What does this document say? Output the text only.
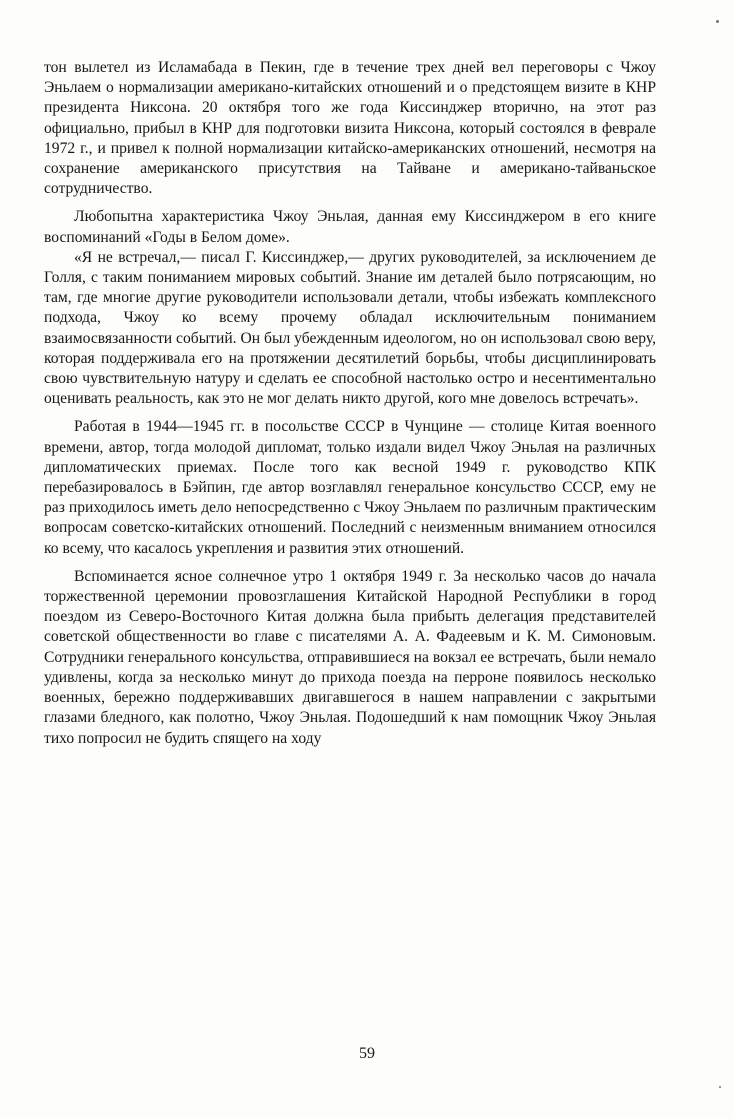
тон вылетел из Исламабада в Пекин, где в течение трех дней вел переговоры с Чжоу Эньлаем о нормализации американо-китайских отношений и о предстоящем визите в КНР президента Никсона. 20 октября того же года Киссинджер вторично, на этот раз официально, прибыл в КНР для подготовки визита Никсона, который состоялся в феврале 1972 г., и привел к полной нормализации китайско-американских отношений, несмотря на сохранение американского присутствия на Тайване и американо-тайваньское сотрудничество.

Любопытна характеристика Чжоу Эньлая, данная ему Киссинджером в его книге воспоминаний «Годы в Белом доме».

«Я не встречал,— писал Г. Киссинджер,— других руководителей, за исключением де Голля, с таким пониманием мировых событий. Знание им деталей было потрясающим, но там, где многие другие руководители использовали детали, чтобы избежать комплексного подхода, Чжоу ко всему прочему обладал исключительным пониманием взаимосвязанности событий. Он был убежденным идеологом, но он использовал свою веру, которая поддерживала его на протяжении десятилетий борьбы, чтобы дисциплинировать свою чувствительную натуру и сделать ее способной настолько остро и несентиментально оценивать реальность, как это не мог делать никто другой, кого мне довелось встречать».

Работая в 1944—1945 гг. в посольстве СССР в Чунцине — столице Китая военного времени, автор, тогда молодой дипломат, только издали видел Чжоу Эньлая на различных дипломатических приемах. После того как весной 1949 г. руководство КПК перебазировалось в Бэйпин, где автор возглавлял генеральное консульство СССР, ему не раз приходилось иметь дело непосредственно с Чжоу Эньлаем по различным практическим вопросам советско-китайских отношений. Последний с неизменным вниманием относился ко всему, что касалось укрепления и развития этих отношений.

Вспоминается ясное солнечное утро 1 октября 1949 г. За несколько часов до начала торжественной церемонии провозглашения Китайской Народной Республики в город поездом из Северо-Восточного Китая должна была прибыть делегация представителей советской общественности во главе с писателями А. А. Фадеевым и К. М. Симоновым. Сотрудники генерального консульства, отправившиеся на вокзал ее встречать, были немало удивлены, когда за несколько минут до прихода поезда на перроне появилось несколько военных, бережно поддерживавших двигавшегося в нашем направлении с закрытыми глазами бледного, как полотно, Чжоу Эньлая. Подошедший к нам помощник Чжоу Эньлая тихо попросил не будить спящего на ходу

59
